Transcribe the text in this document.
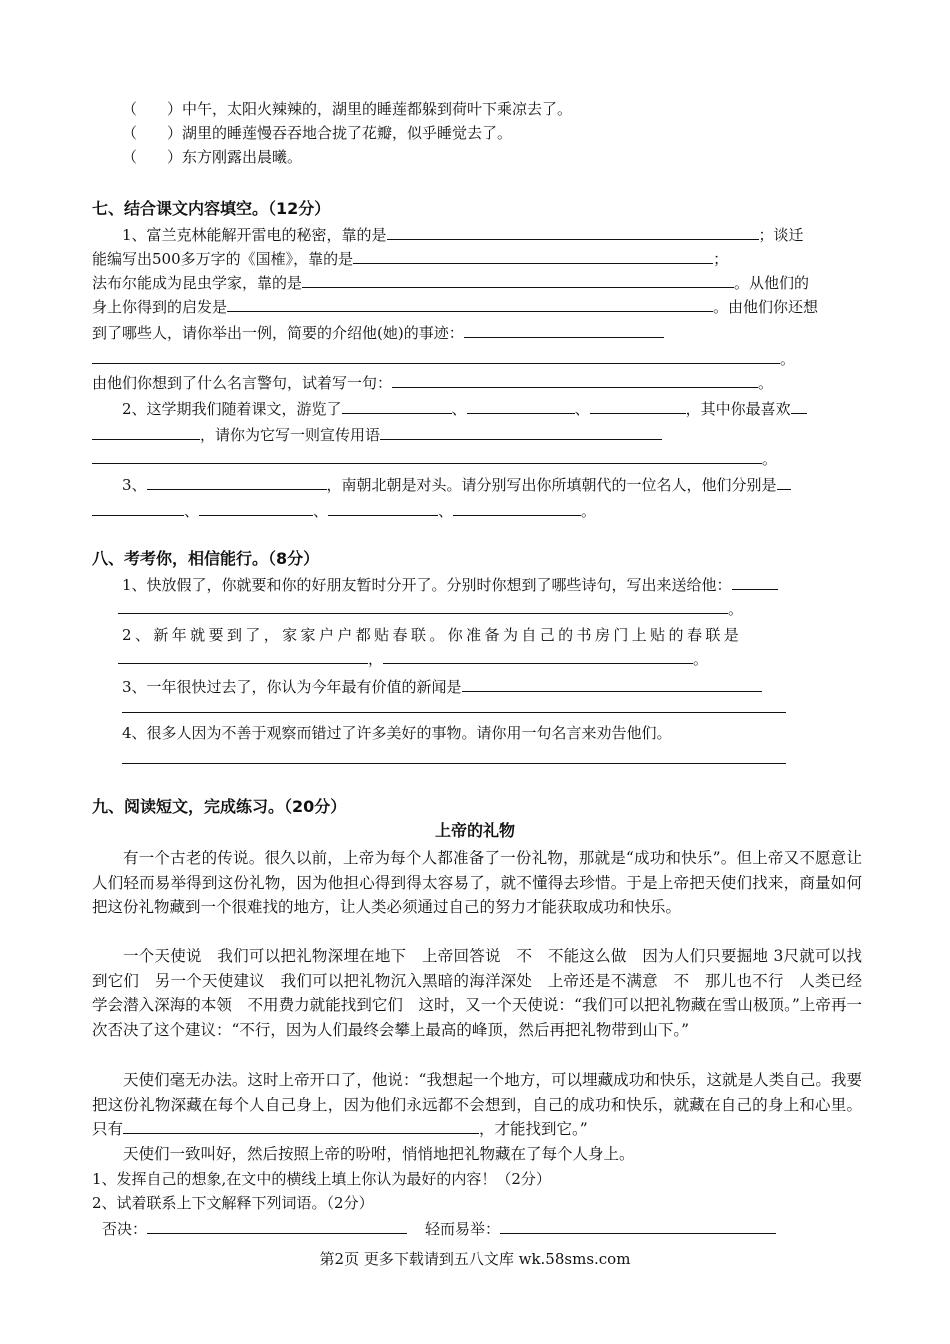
（　　）中午，太阳火辣辣的，湖里的睡莲都躲到荷叶下乘凉去了。
（　　）湖里的睡莲慢吞吞地合拢了花瓣，似乎睡觉去了。
（　　）东方刚露出晨曦。
七、结合课文内容填空。（12分）
1、富兰克林能解开雷电的秘密，靠的是	；谈迁
能编写出500多万字的《国榷》，靠的是	；
法布尔能成为昆虫学家，靠的是	。从他们的
身上你得到的启发是	。由他们你还想
到了哪些人，请你举出一例，简要的介绍他(她)的事迹：
。
由他们你想到了什么名言警句，试着写一句：	。
2、这学期我们随着课文，游览了	、	、	，其中你最喜欢
，请你为它写一则宣传用语
。
3、	，南朝北朝是对头。请分别写出你所填朝代的一位名人，他们分别是
、	、	、	。
八、考考你，相信能行。（8分）
1、快放假了，你就要和你的好朋友暂时分开了。分别时你想到了哪些诗句，写出来送给他：
。
2、新年就要到了，家家户户都贴春联。你准备为自己的书房门上贴的春联是
，	。
3、一年很快过去了，你认为今年最有价值的新闻是
4、很多人因为不善于观察而错过了许多美好的事物。请你用一句名言来劝告他们。
九、阅读短文，完成练习。（20分）
上帝的礼物
有一个古老的传说。很久以前，上帝为每个人都准备了一份礼物，那就是“成功和快乐”。但上帝又不愿意让人们轻而易举得到这份礼物，因为他担心得到得太容易了，就不懂得去珍惜。于是上帝把天使们找来，商量如何把这份礼物藏到一个很难找的地方，让人类必须通过自己的努力才能获取成功和快乐。
一个天使说　我们可以把礼物深埋在地下　上帝回答说　不　不能这么做　因为人们只要掘地 3尺就可以找到它们　另一个天使建议　我们可以把礼物沉入黑暗的海洋深处　上帝还是不满意　不　那儿也不行　人类已经学会潜入深海的本领　不用费力就能找到它们　这时，又一个天使说：“我们可以把礼物藏在雪山极顶。”上帝再一次否决了这个建议：“不行，因为人们最终会攀上最高的峰顶，然后再把礼物带到山下。”
天使们毫无办法。这时上帝开口了，他说：“我想起一个地方，可以埋藏成功和快乐，这就是人类自己。我要把这份礼物深藏在每个人自己身上，因为他们永远都不会想到，自己的成功和快乐，就藏在自己的身上和心里。只有	，才能找到它。”
天使们一致叫好，然后按照上帝的吩咐，悄悄地把礼物藏在了每个人身上。
1、发挥自己的想象,在文中的横线上填上你认为最好的内容！（2分）
2、试着联系上下文解释下列词语。（2分）
否决：	轻而易举：
第2页 更多下载请到五八文库 wk.58sms.com
